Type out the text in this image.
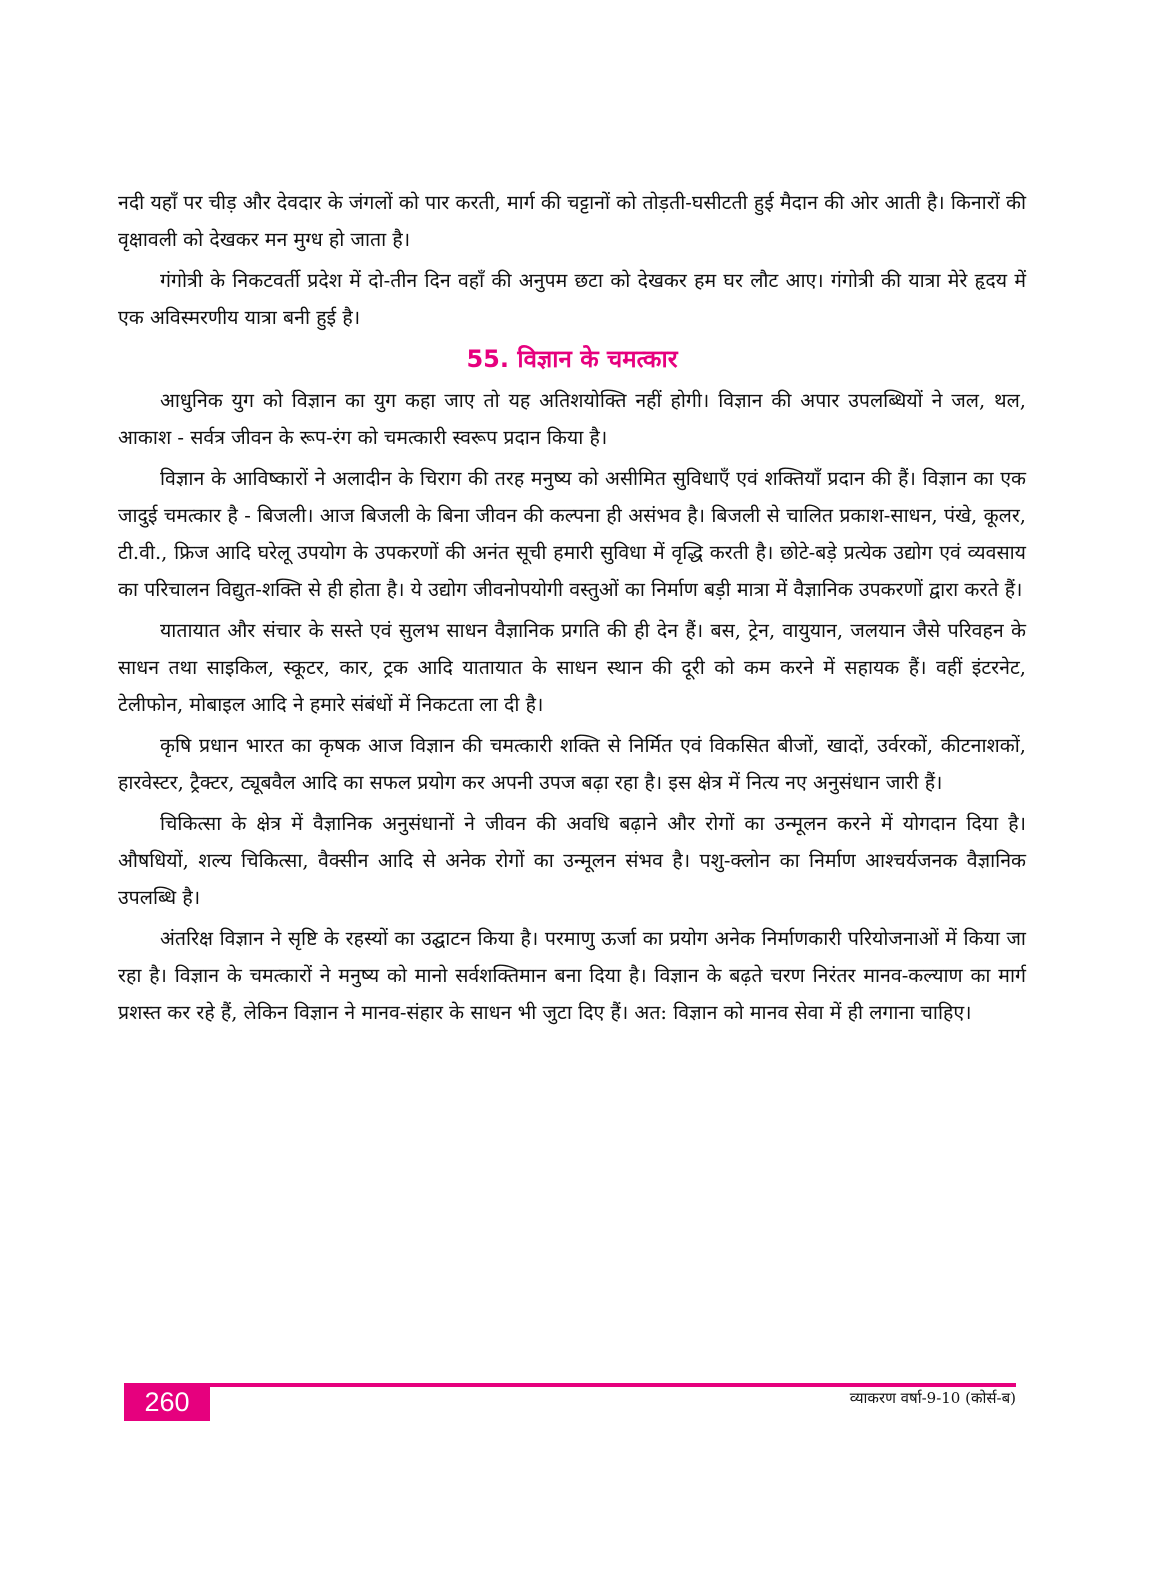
नदी यहाँ पर चीड़ और देवदार के जंगलों को पार करती, मार्ग की चट्टानों को तोड़ती-घसीटती हुई मैदान की ओर आती है। किनारों की वृक्षावली को देखकर मन मुग्ध हो जाता है।

गंगोत्री के निकटवर्ती प्रदेश में दो-तीन दिन वहाँ की अनुपम छटा को देखकर हम घर लौट आए। गंगोत्री की यात्रा मेरे हृदय में एक अविस्मरणीय यात्रा बनी हुई है।

55. विज्ञान के चमत्कार

आधुनिक युग को विज्ञान का युग कहा जाए तो यह अतिशयोक्ति नहीं होगी। विज्ञान की अपार उपलब्धियों ने जल, थल, आकाश - सर्वत्र जीवन के रूप-रंग को चमत्कारी स्वरूप प्रदान किया है।

विज्ञान के आविष्कारों ने अलादीन के चिराग की तरह मनुष्य को असीमित सुविधाएँ एवं शक्तियाँ प्रदान की हैं। विज्ञान का एक जादुई चमत्कार है - बिजली। आज बिजली के बिना जीवन की कल्पना ही असंभव है। बिजली से चालित प्रकाश-साधन, पंखे, कूलर, टी.वी., फ्रिज आदि घरेलू उपयोग के उपकरणों की अनंत सूची हमारी सुविधा में वृद्धि करती है। छोटे-बड़े प्रत्येक उद्योग एवं व्यवसाय का परिचालन विद्युत-शक्ति से ही होता है। ये उद्योग जीवनोपयोगी वस्तुओं का निर्माण बड़ी मात्रा में वैज्ञानिक उपकरणों द्वारा करते हैं।

यातायात और संचार के सस्ते एवं सुलभ साधन वैज्ञानिक प्रगति की ही देन हैं। बस, ट्रेन, वायुयान, जलयान जैसे परिवहन के साधन तथा साइकिल, स्कूटर, कार, ट्रक आदि यातायात के साधन स्थान की दूरी को कम करने में सहायक हैं। वहीं इंटरनेट, टेलीफोन, मोबाइल आदि ने हमारे संबंधों में निकटता ला दी है।

कृषि प्रधान भारत का कृषक आज विज्ञान की चमत्कारी शक्ति से निर्मित एवं विकसित बीजों, खादों, उर्वरकों, कीटनाशकों, हारवेस्टर, ट्रैक्टर, ट्यूबवैल आदि का सफल प्रयोग कर अपनी उपज बढ़ा रहा है। इस क्षेत्र में नित्य नए अनुसंधान जारी हैं।

चिकित्सा के क्षेत्र में वैज्ञानिक अनुसंधानों ने जीवन की अवधि बढ़ाने और रोगों का उन्मूलन करने में योगदान दिया है। औषधियों, शल्य चिकित्सा, वैक्सीन आदि से अनेक रोगों का उन्मूलन संभव है। पशु-क्लोन का निर्माण आश्चर्यजनक वैज्ञानिक उपलब्धि है।

अंतरिक्ष विज्ञान ने सृष्टि के रहस्यों का उद्घाटन किया है। परमाणु ऊर्जा का प्रयोग अनेक निर्माणकारी परियोजनाओं में किया जा रहा है। विज्ञान के चमत्कारों ने मनुष्य को मानो सर्वशक्तिमान बना दिया है। विज्ञान के बढ़ते चरण निरंतर मानव-कल्याण का मार्ग प्रशस्त कर रहे हैं, लेकिन विज्ञान ने मानव-संहार के साधन भी जुटा दिए हैं। अत: विज्ञान को मानव सेवा में ही लगाना चाहिए।

260	व्याकरण वर्षा-9-10 (कोर्स-ब)
